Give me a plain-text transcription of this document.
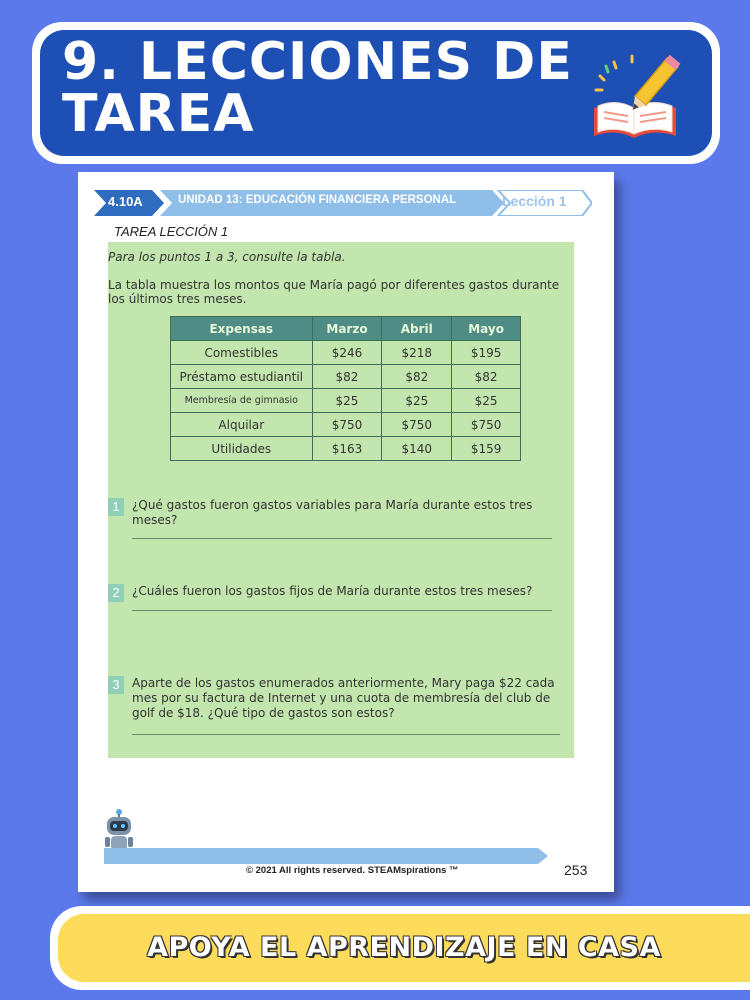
9. LECCIONES DE TAREA
4.10A	UNIDAD 13: EDUCACIÓN FINANCIERA PERSONAL	Lección 1
TAREA LECCIÓN 1
Para los puntos 1 a 3, consulte la tabla.
La tabla muestra los montos que María pagó por diferentes gastos durante los últimos tres meses.
Expensas	Marzo	Abril	Mayo
Comestibles	$246	$218	$195
Préstamo estudiantil	$82	$82	$82
Membresía de gimnasio	$25	$25	$25
Alquilar	$750	$750	$750
Utilidades	$163	$140	$159
1	¿Qué gastos fueron gastos variables para María durante estos tres meses?
2	¿Cuáles fueron los gastos fijos de María durante estos tres meses?
3	Aparte de los gastos enumerados anteriormente, Mary paga $22 cada mes por su factura de Internet y una cuota de membresía del club de golf de $18. ¿Qué tipo de gastos son estos?
© 2021 All rights reserved. STEAMspirations ™	253
APOYA EL APRENDIZAJE EN CASA
